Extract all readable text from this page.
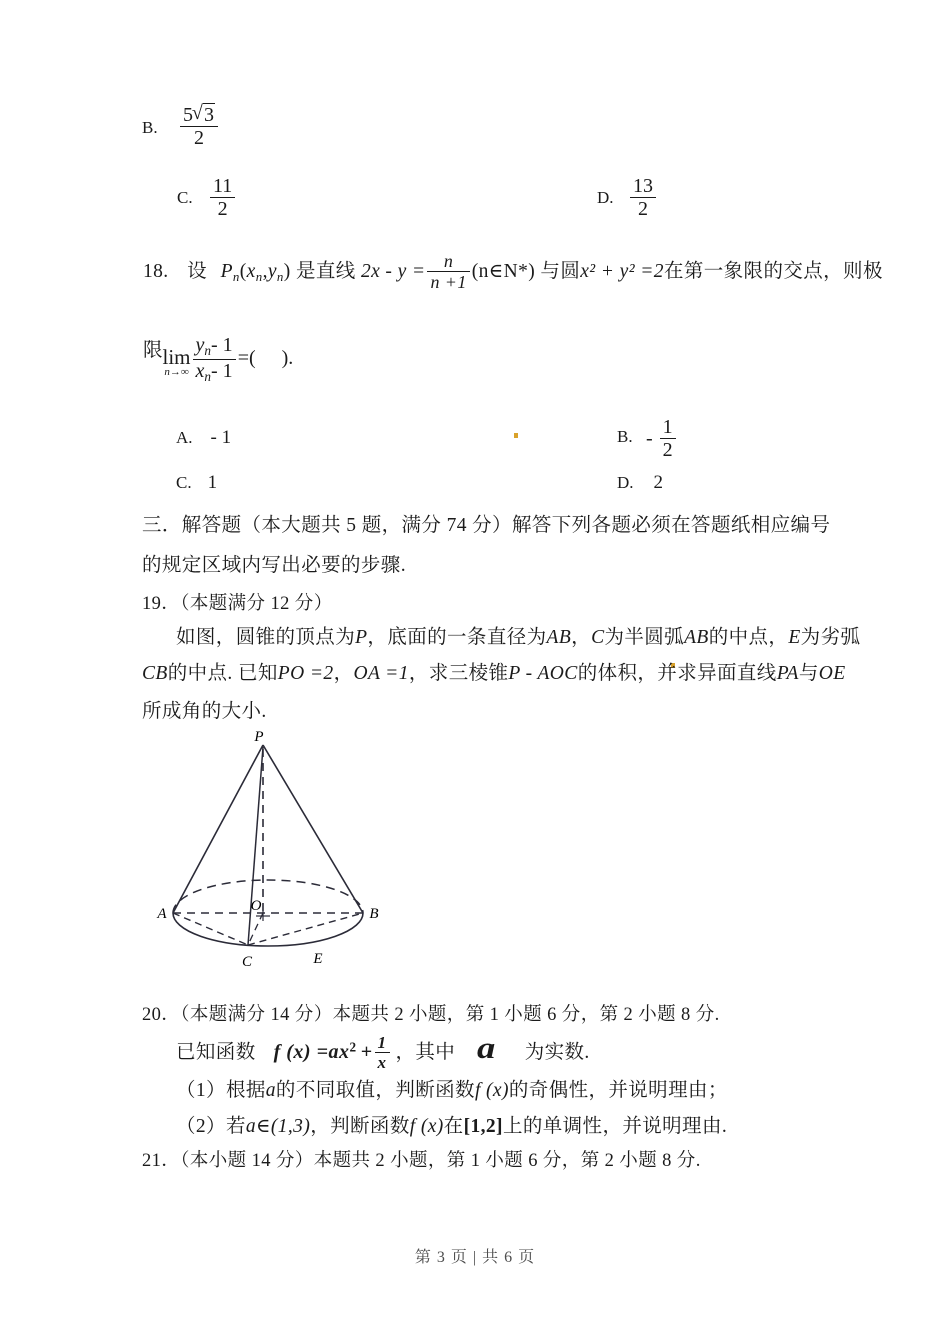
B. $\frac{5 √ 3}{2}$
C. $\frac{11}{2}$	D. $\frac{13}{2}$
18. 设 $P_n(x_n,y_n)$ 是直线 $2x - y = \frac{n}{n +1}$ (n∈N*) 与圆x² + y² =2在第一象限的交点，则极
限 lim
$n\to\infty \frac{y_n- 1}{x_n- 1}$ =( ).
A. - 1	B. - $\frac{1}{2}$
C. 1	D. 2
三．解答题（本大题共 5 题，满分 74 分）解答下列各题必须在答题纸相应编号
的规定区域内写出必要的步骤.
19．（本题满分 12 分）
如图，圆锥的顶点为P，底面的一条直径为AB，C为半圆弧AB的中点，E为劣弧
CB的中点. 已知PO =2，OA =1，求三棱锥P - AOC的体积，并求异面直线PA与OE
所成角的大小.
P
A	B
O
C	E
20．（本题满分 14 分）本题共 2 小题，第 1 小题 6 分，第 2 小题 8 分.
已知函数 f $(x) =ax^2 + \frac{1}{x}$ ，其中 a 为实数.
（1）根据a的不同取值，判断函数f (x)的奇偶性，并说明理由；
（2）若a∈(1,3)，判断函数f (x)在[1,2]上的单调性，并说明理由.
21．（本小题 14 分）本题共 2 小题，第 1 小题 6 分，第 2 小题 8 分.
第 3 页 | 共 6 页
